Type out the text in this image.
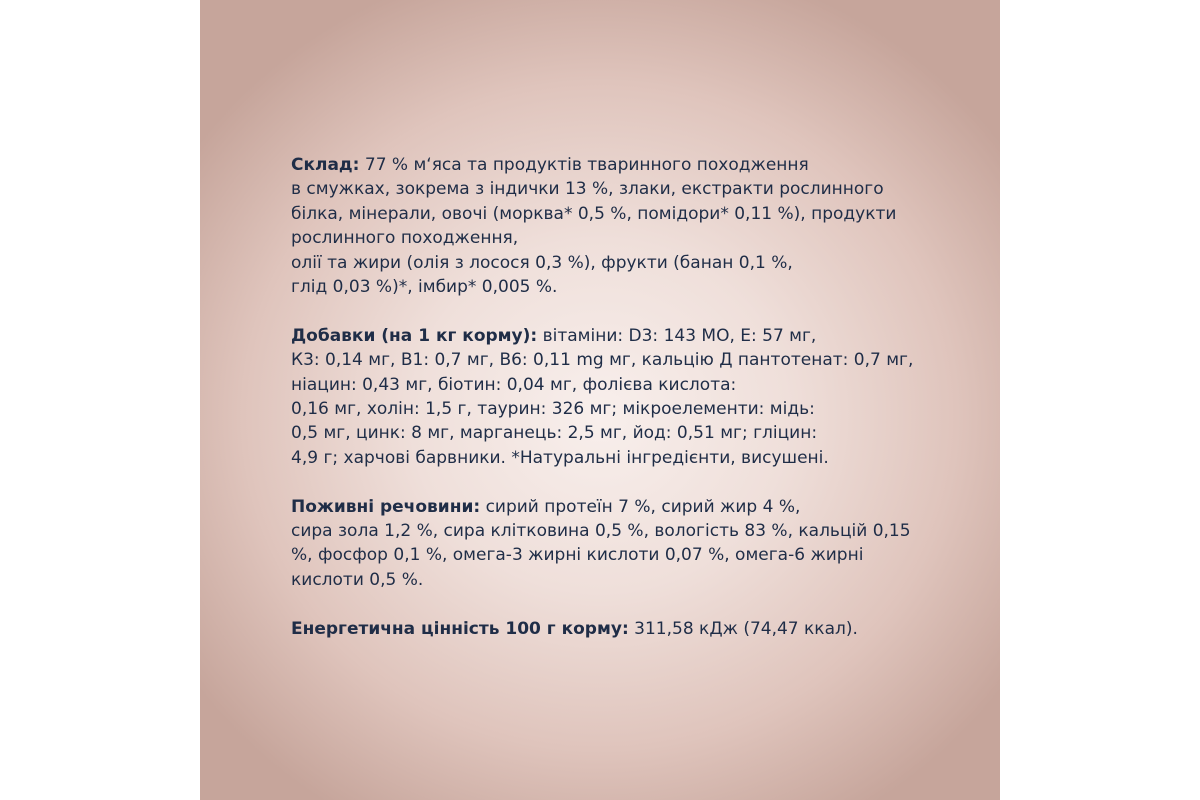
Склад: 77 % м‘яса та продуктів тваринного походження
в смужках, зокрема з індички 13 %, злаки, екстракти рослинного
білка, мінерали, овочі (морква* 0,5 %, помідори* 0,11 %), продукти
рослинного походження,
олії та жири (олія з лосося 0,3 %), фрукти (банан 0,1 %,
глід 0,03 %)*, імбир* 0,005 %.
Добавки (на 1 кг корму): вітаміни: D3: 143 МО, Е: 57 мг,
К3: 0,14 мг, В1: 0,7 мг, В6: 0,11 mg мг, кальцію Д пантотенат: 0,7 мг,
ніацин: 0,43 мг, біотин: 0,04 мг, фолієва кислота:
0,16 мг, холін: 1,5 г, таурин: 326 мг; мікроелементи: мідь:
0,5 мг, цинк: 8 мг, марганець: 2,5 мг, йод: 0,51 мг; гліцин:
4,9 г; харчові барвники. *Натуральні інгредієнти, висушені.
Поживні речовини: сирий протеїн 7 %, сирий жир 4 %,
сира зола 1,2 %, сира клітковина 0,5 %, вологість 83 %, кальцій 0,15
%, фосфор 0,1 %, омега-3 жирні кислоти 0,07 %, омега-6 жирні
кислоти 0,5 %.
Енергетична цінність 100 г корму: 311,58 кДж (74,47 ккал).
